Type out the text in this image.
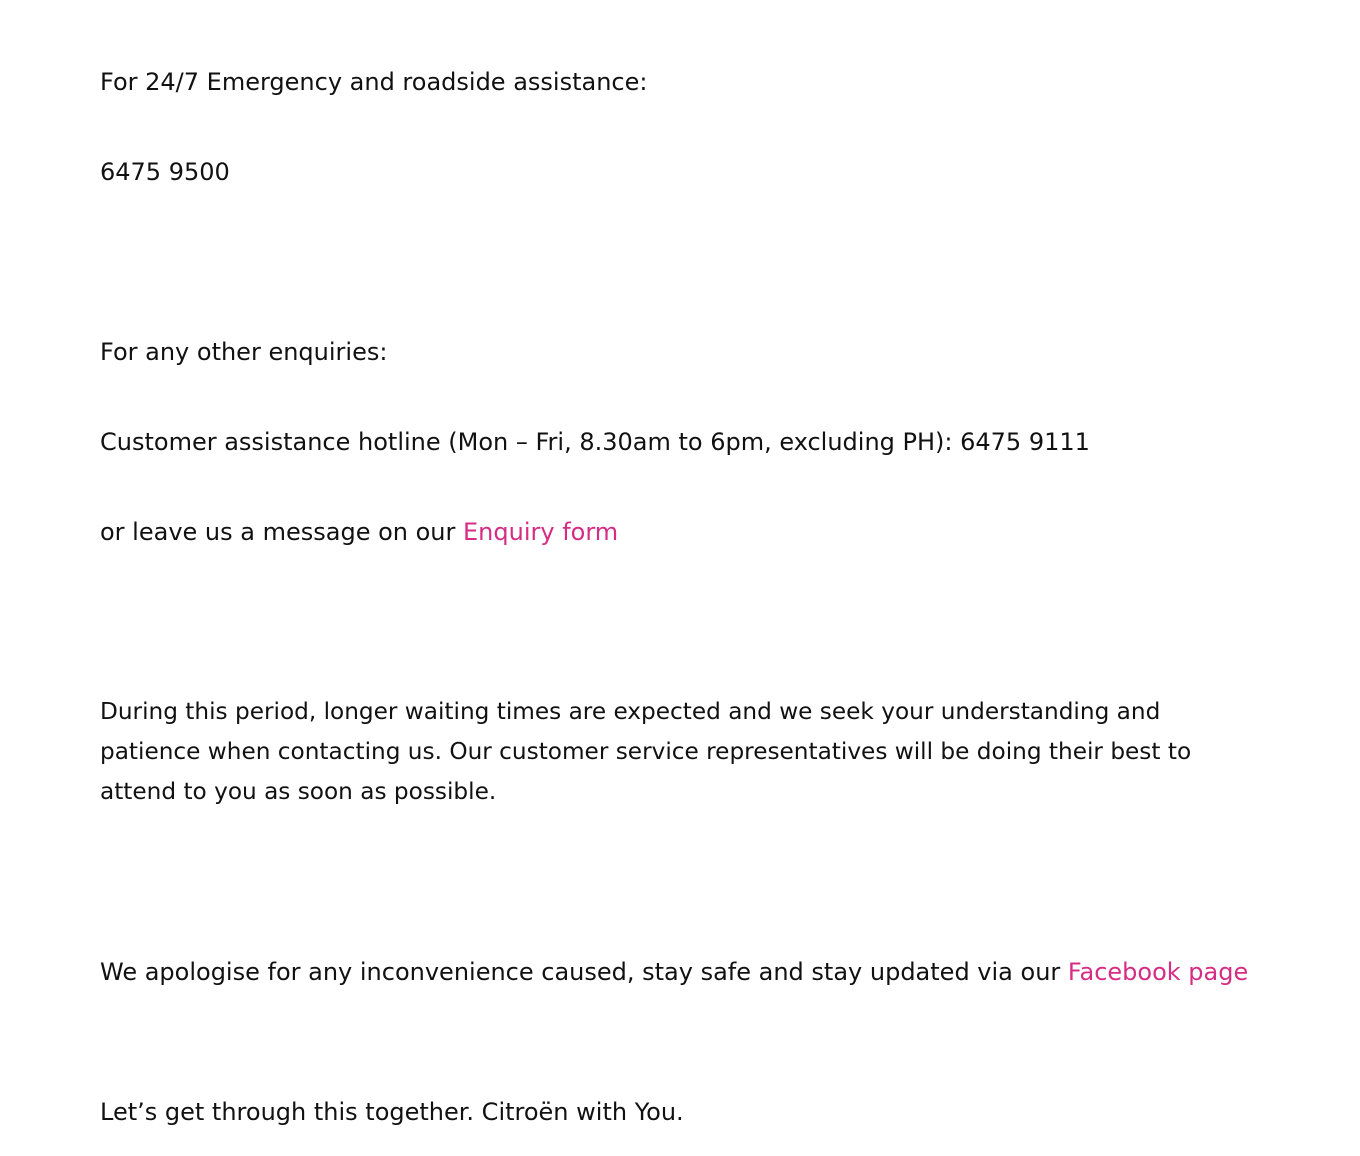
For 24/7 Emergency and roadside assistance:

6475 9500

For any other enquiries:

Customer assistance hotline (Mon – Fri, 8.30am to 6pm, excluding PH): 6475 9111

or leave us a message on our Enquiry form

During this period, longer waiting times are expected and we seek your understanding and patience when contacting us. Our customer service representatives will be doing their best to attend to you as soon as possible.

We apologise for any inconvenience caused, stay safe and stay updated via our Facebook page

Let’s get through this together. Citroën with You.
